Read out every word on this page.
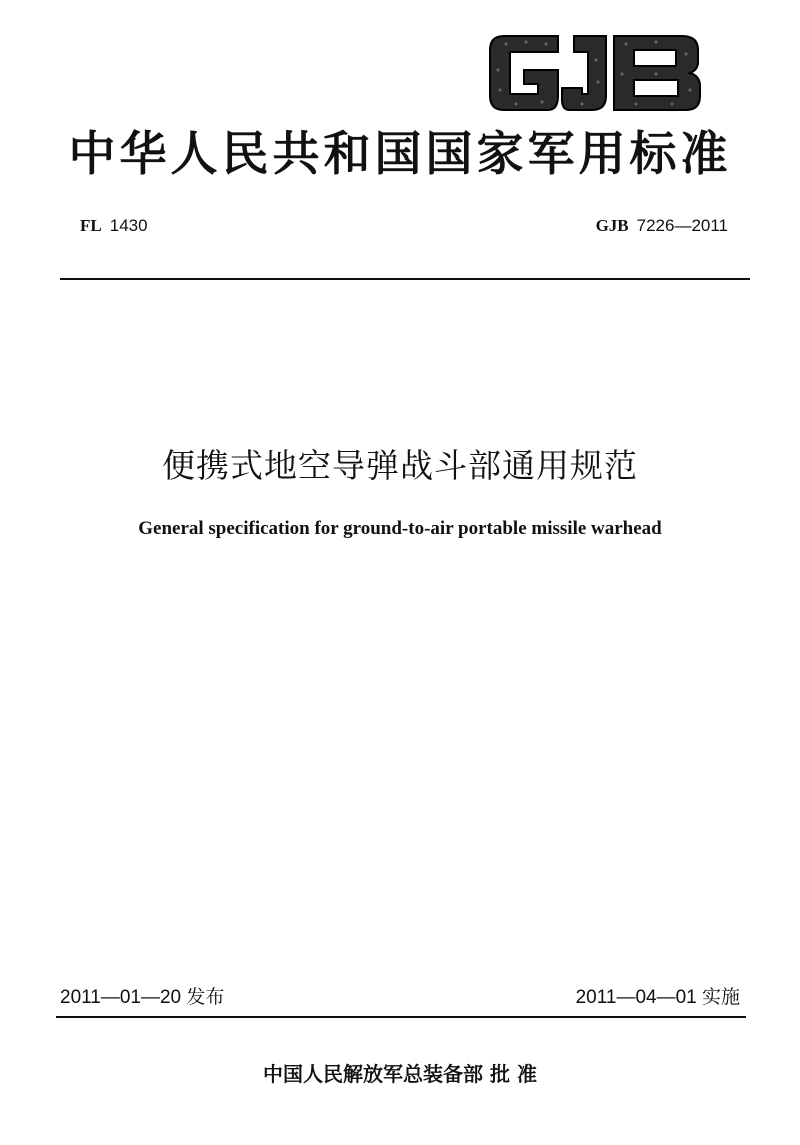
中华人民共和国国家军用标准
FL 1430	GJB 7226—2011
便携式地空导弹战斗部通用规范
General specification for ground-to-air portable missile warhead
2011—01—20 发布	2011—04—01 实施
中国人民解放军总装备部 批 准
